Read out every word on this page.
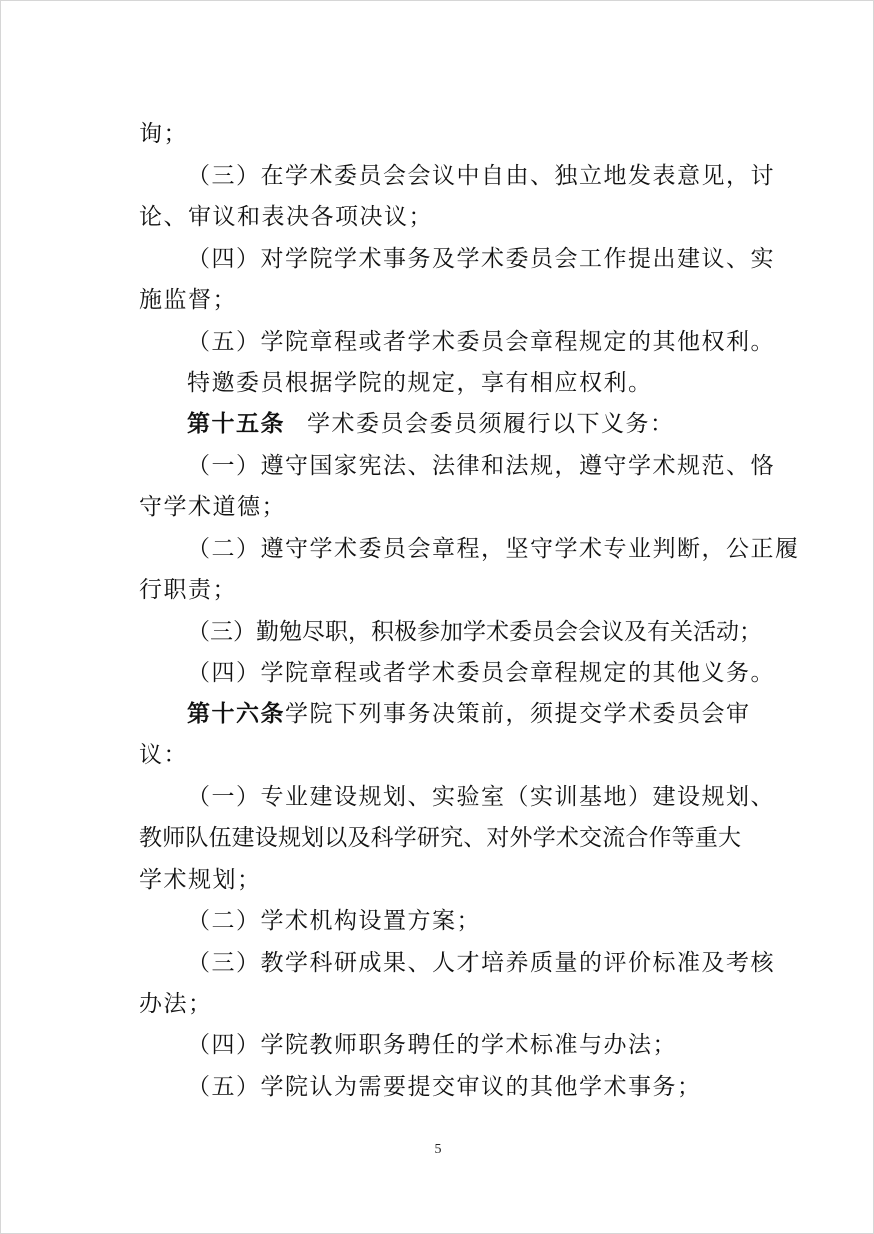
询；
（三）在学术委员会会议中自由、独立地发表意见，讨
论、审议和表决各项决议；
（四）对学院学术事务及学术委员会工作提出建议、实
施监督；
（五）学院章程或者学术委员会章程规定的其他权利。
特邀委员根据学院的规定，享有相应权利。
第十五条 学术委员会委员须履行以下义务：
（一）遵守国家宪法、法律和法规，遵守学术规范、恪
守学术道德；
（二）遵守学术委员会章程，坚守学术专业判断，公正履
行职责；
（三）勤勉尽职，积极参加学术委员会会议及有关活动；
（四）学院章程或者学术委员会章程规定的其他义务。
第十六条 学院下列事务决策前，须提交学术委员会审
议：
（一）专业建设规划、实验室（实训基地）建设规划、
教师队伍建设规划以及科学研究、对外学术交流合作等重大
学术规划；
（二）学术机构设置方案；
（三）教学科研成果、人才培养质量的评价标准及考核
办法；
（四）学院教师职务聘任的学术标准与办法；
（五）学院认为需要提交审议的其他学术事务；
5
